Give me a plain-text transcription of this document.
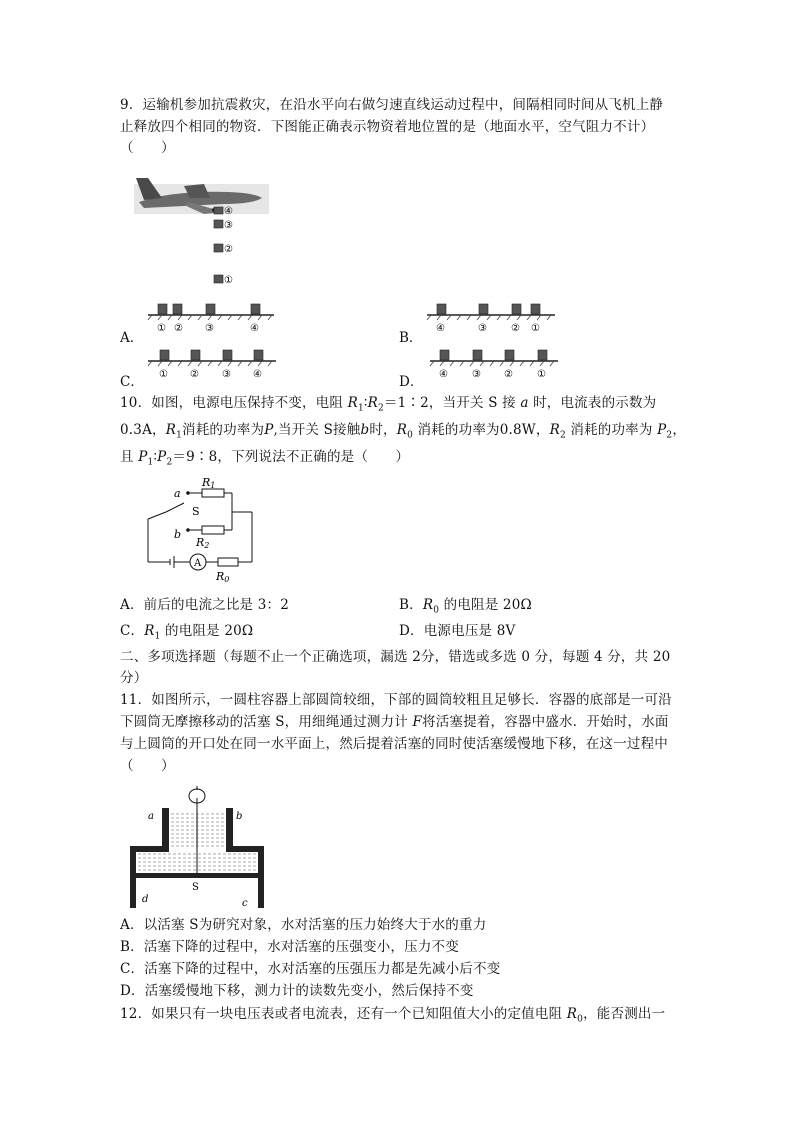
9．运输机参加抗震救灾，在沿水平向右做匀速直线运动过程中，间隔相同时间从飞机上静
止释放四个相同的物资．下图能正确表示物资着地位置的是（地面水平，空气阻力不计）
（　　）
④
③
②
①
A．
① ② ③	④
B．
④	③ ② ①
C． ① ② ③ ④	D． ④ ③ ② ①
10．如图，电源电压保持不变，电阻 $R_1∶R_2=1∶2$，当开关 S 接 a 时，电流表的示数为
0.3A，$R_1$消耗的功率为P,当开关 S接触b时，$R_0$ 消耗的功率为0.8W，$R_2$ 消耗的功率为 $P_2$，
且 $P_1∶P_2=9∶8$，下列说法不正确的是（　　）
a
b
S
R1
R2
A
R0
A．前后的电流之比是 3：2	B．$R_0$ 的电阻是 20Ω
C．$R_1$ 的电阻是 20Ω	D．电源电压是 8V
二、多项选择题（每题不止一个正确选项，漏选 2分，错选或多选 0 分，每题 4 分，共 20
分）
11．如图所示，一圆柱容器上部圆筒较细，下部的圆筒较粗且足够长．容器的底部是一可沿
下圆筒无摩擦移动的活塞 S，用细绳通过测力计 F将活塞提着，容器中盛水．开始时，水面
与上圆筒的开口处在同一水平面上，然后提着活塞的同时使活塞缓慢地下移，在这一过程中
（　　）
a	b
d	c
S
A．以活塞 S为研究对象，水对活塞的压力始终大于水的重力
B．活塞下降的过程中，水对活塞的压强变小，压力不变
C．活塞下降的过程中，水对活塞的压强压力都是先减小后不变
D．活塞缓慢地下移，测力计的读数先变小，然后保持不变
12．如果只有一块电压表或者电流表，还有一个已知阻值大小的定值电阻 $R_0$，能否测出一
